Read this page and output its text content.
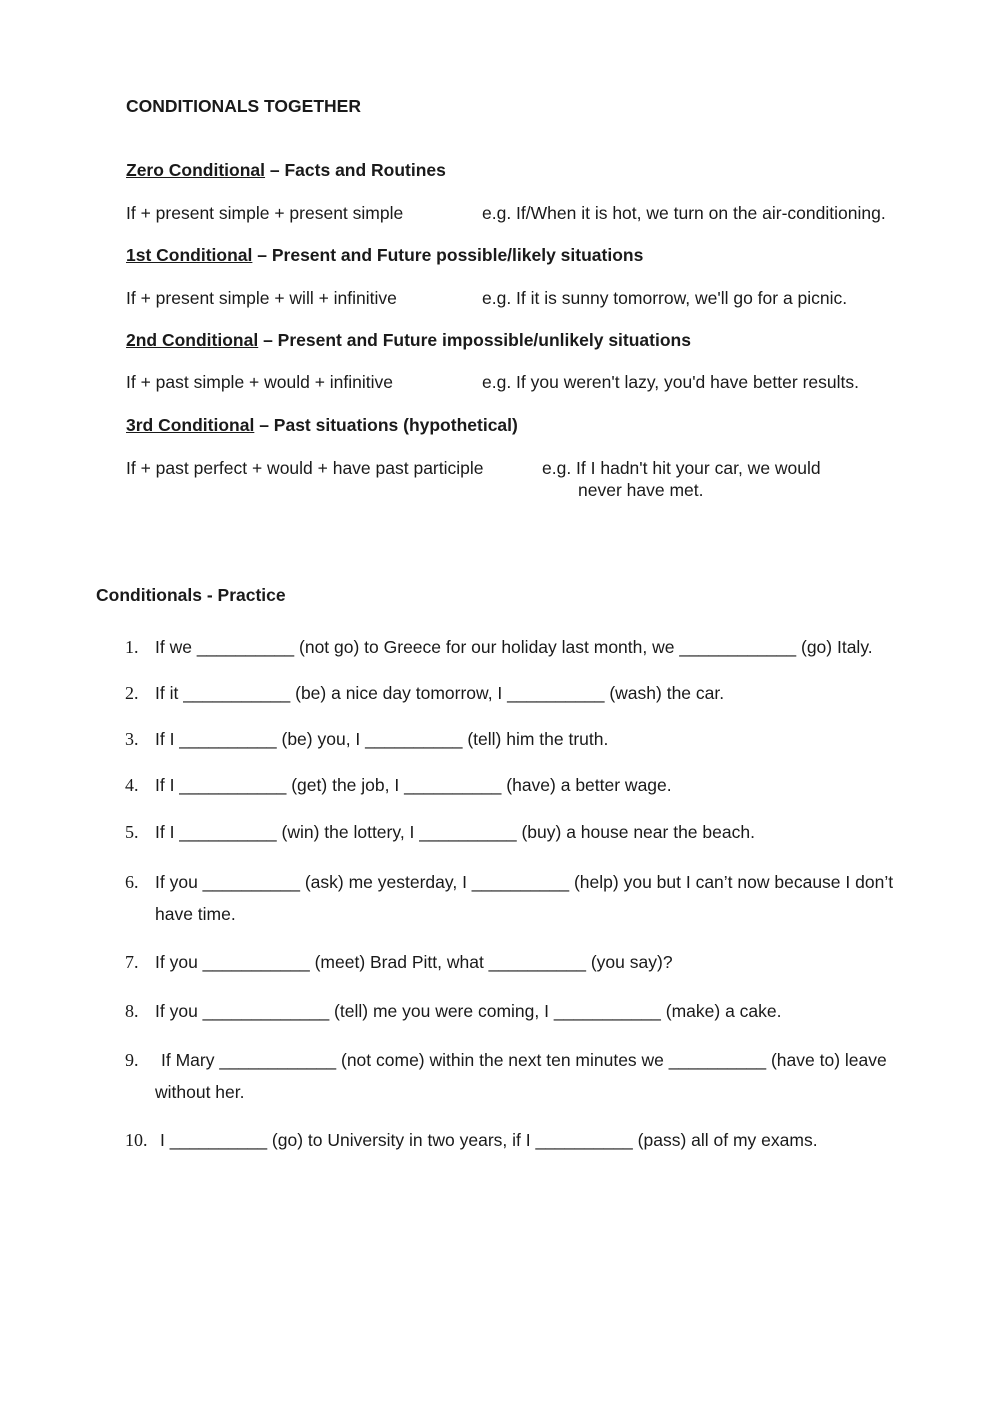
CONDITIONALS TOGETHER
Zero Conditional – Facts and Routines
If + present simple + present simple	e.g. If/When it is hot, we turn on the air-conditioning.
1st Conditional – Present and Future possible/likely situations
If + present simple + will + infinitive	e.g. If it is sunny tomorrow, we'll go for a picnic.
2nd Conditional – Present and Future impossible/unlikely situations
If + past simple + would + infinitive	e.g. If you weren't lazy, you'd have better results.
3rd Conditional – Past situations (hypothetical)
If + past perfect + would + have past participle	e.g. If I hadn't hit your car, we would
never have met.
Conditionals - Practice
1. If we __________ (not go) to Greece for our holiday last month, we ____________ (go) Italy.
2. If it ___________ (be) a nice day tomorrow, I __________ (wash) the car.
3. If I __________ (be) you, I __________ (tell) him the truth.
4. If I ___________ (get) the job, I __________ (have) a better wage.
5. If I __________ (win) the lottery, I __________ (buy) a house near the beach.
6. If you __________ (ask) me yesterday, I __________ (help) you but I can’t now because I don’t
have time.
7. If you ___________ (meet) Brad Pitt, what __________ (you say)?
8. If you _____________ (tell) me you were coming, I ___________ (make) a cake.
9. If Mary ____________ (not come) within the next ten minutes we __________ (have to) leave
without her.
10. I __________ (go) to University in two years, if I __________ (pass) all of my exams.
